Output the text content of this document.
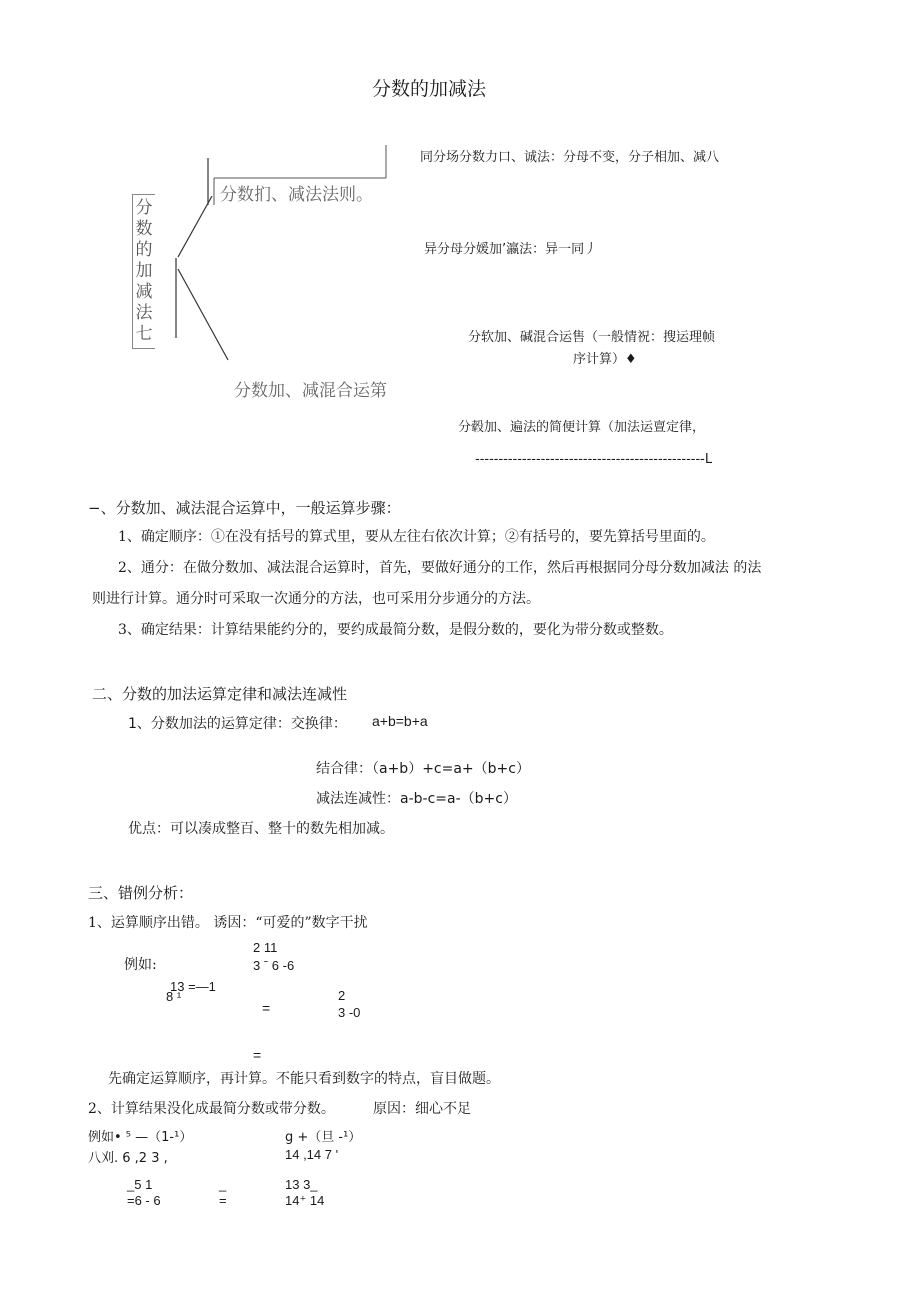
分数的加减法
分数的加减法七
分数扪、减法法则。
分数加、减混合运第
同分场分数力口、诚法：分母不变，分子相加、减八
异分母分媛加’瀛法：异一同丿
分软加、碱混合运售（一般情祝：搜运理帧
序计算）♦
分毂加、遍法的简便计算（加法运亶定律，
-------------------------------------------------L
−、分数加、减法混合运算中，一般运算步骤：
1、确定顺序：①在没有括号的算式里，要从左往右依次计算；②有括号的，要先算括号里面的。
2、通分：在做分数加、减法混合运算时，首先，要做好通分的工作，然后再根据同分母分数加减法 的法
则进行计算。通分时可采取一次通分的方法，也可采用分步通分的方法。
3、确定结果：计算结果能约分的，要约成最简分数，是假分数的，要化为带分数或整数。
二、分数的加法运算定律和减法连减性
1、分数加法的运算定律：交换律： a+b=b+a
结合律：（a+b）+c=a+（b+c）
减法连减性：a-b-c=a-（b+c）
优点：可以凑成整百、整十的数先相加减。
三、错例分析：
1、运算顺序出错。 诱因：“可爱的”数字干扰
例如:
2 11
3 ˉ 6 -6
13 =—1
8 ¹
=
2
3 -0
=
先确定运算顺序，再计算。不能只看到数字的特点，盲目做题。
2、计算结果没化成最简分数或带分数。	原因：细心不足
例如• ⁵ —（1-¹）
八刈. 6 ,2 3 ,
g +（旦 -¹）
14 ,14 7 '
_5 1
=6 - 6
_
=
13 3_
14⁺ 14
